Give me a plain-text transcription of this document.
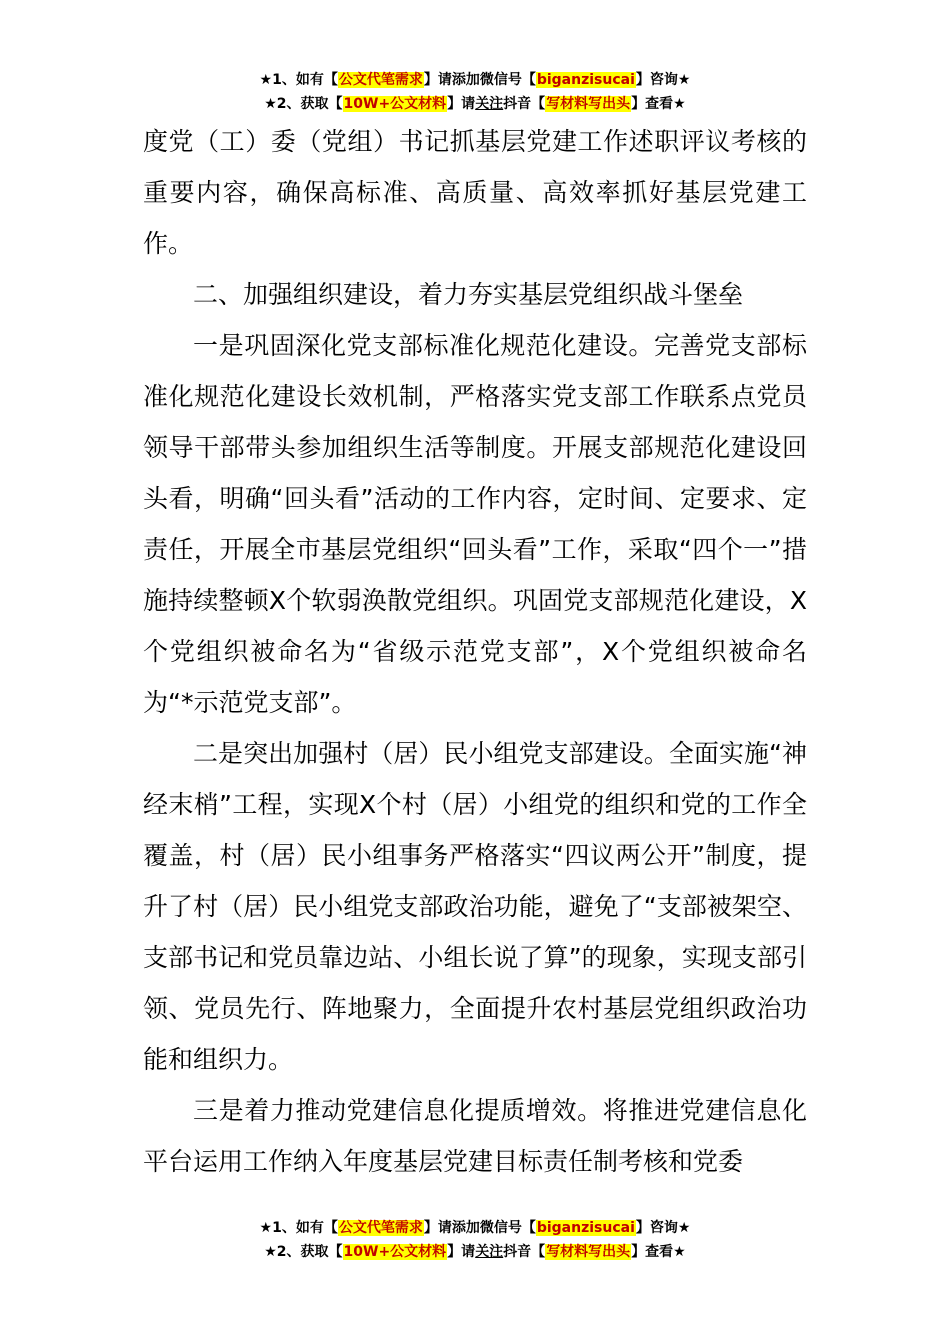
★1、如有【公文代笔需求】请添加微信号【biganzisucai】咨询★
★2、获取【10W+公文材料】请关注抖音【写材料写出头】查看★

度党（工）委（党组）书记抓基层党建工作述职评议考核的重要内容，确保高标准、高质量、高效率抓好基层党建工作。

二、加强组织建设，着力夯实基层党组织战斗堡垒

一是巩固深化党支部标准化规范化建设。完善党支部标准化规范化建设长效机制，严格落实党支部工作联系点党员领导干部带头参加组织生活等制度。开展支部规范化建设回头看，明确“回头看”活动的工作内容，定时间、定要求、定责任，开展全市基层党组织“回头看”工作，采取“四个一”措施持续整顿X个软弱涣散党组织。巩固党支部规范化建设，X个党组织被命名为“省级示范党支部”，X个党组织被命名为“*示范党支部”。

二是突出加强村（居）民小组党支部建设。全面实施“神经末梢”工程，实现X个村（居）小组党的组织和党的工作全覆盖，村（居）民小组事务严格落实“四议两公开”制度，提升了村（居）民小组党支部政治功能，避免了“支部被架空、支部书记和党员靠边站、小组长说了算”的现象，实现支部引领、党员先行、阵地聚力，全面提升农村基层党组织政治功能和组织力。

三是着力推动党建信息化提质增效。将推进党建信息化平台运用工作纳入年度基层党建目标责任制考核和党委

★1、如有【公文代笔需求】请添加微信号【biganzisucai】咨询★
★2、获取【10W+公文材料】请关注抖音【写材料写出头】查看★
